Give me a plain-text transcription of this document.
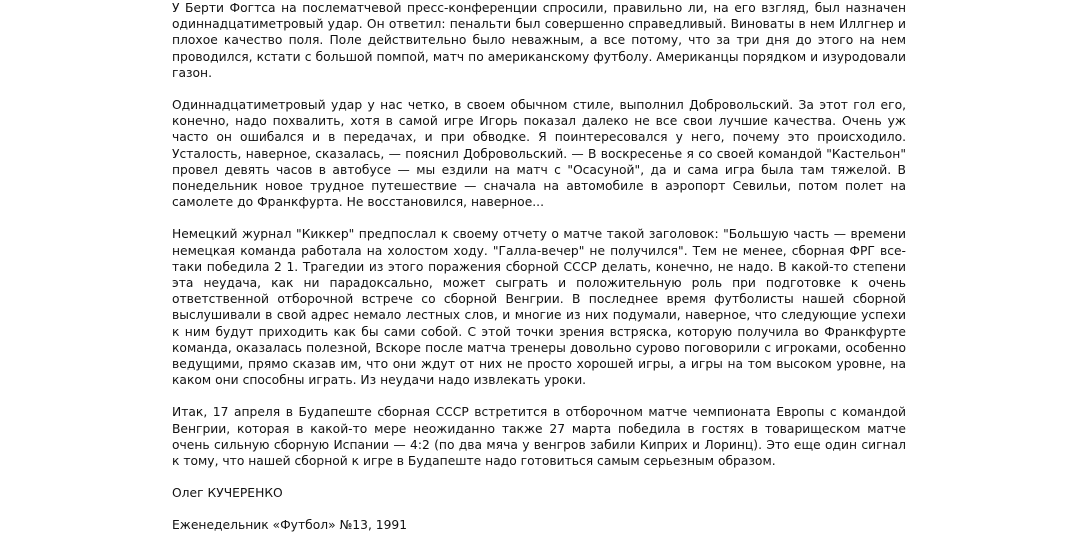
У Берти Фогтса на послематчевой пресс-конференции спросили, правильно ли, на его взгляд, был назначен одиннадцатиметровый удар. Он ответил: пенальти был совершенно справедливый. Виноваты в нем Иллгнер и плохое качество поля. Поле действительно было неважным, а все потому, что за три дня до этого на нем проводился, кстати с большой помпой, матч по американскому футболу. Американцы порядком и изуродовали газон.

Одиннадцатиметровый удар у нас четко, в своем обычном стиле, выполнил Добровольский. За этот гол его, конечно, надо похвалить, хотя в самой игре Игорь показал далеко не все свои лучшие качества. Очень уж часто он ошибался и в передачах, и при обводке. Я поинтересовался у него, почему это происходило. Усталость, наверное, сказалась, — пояснил Добровольский. — В воскресенье я со своей командой "Кастельон" провел девять часов в автобусе — мы ездили на матч с "Осасуной", да и сама игра была там тяжелой. В понедельник новое трудное путешествие — сначала на автомобиле в аэропорт Севильи, потом полет на самолете до Франкфурта. Не восстановился, наверное...

Немецкий журнал "Киккер" предпослал к своему отчету о матче такой заголовок: "Большую часть — времени немецкая команда работала на холостом ходу. "Галла-вечер" не получился". Тем не менее, сборная ФРГ все-таки победила 2 1. Трагедии из этого поражения сборной СССР делать, конечно, не надо. В какой-то степени эта неудача, как ни парадоксально, может сыграть и положительную роль при подготовке к очень ответственной отборочной встрече со сборной Венгрии. В последнее время футболисты нашей сборной выслушивали в свой адрес немало лестных слов, и многие из них подумали, наверное, что следующие успехи к ним будут приходить как бы сами собой. С этой точки зрения встряска, которую получила во Франкфурте команда, оказалась полезной, Вскоре после матча тренеры довольно сурово поговорили с игроками, особенно ведущими, прямо сказав им, что они ждут от них не просто хорошей игры, а игры на том высоком уровне, на каком они способны играть. Из неудачи надо извлекать уроки.

Итак, 17 апреля в Будапеште сборная СССР встретится в отборочном матче чемпионата Европы с командой Венгрии, которая в какой-то мере неожиданно также 27 марта победила в гостях в товарищеском матче очень сильную сборную Испании — 4:2 (по два мяча у венгров забили Киприх и Лоринц). Это еще один сигнал к тому, что нашей сборной к игре в Будапеште надо готовиться самым серьезным образом.

Олег КУЧЕРЕНКО

Еженедельник «Футбол» №13, 1991
